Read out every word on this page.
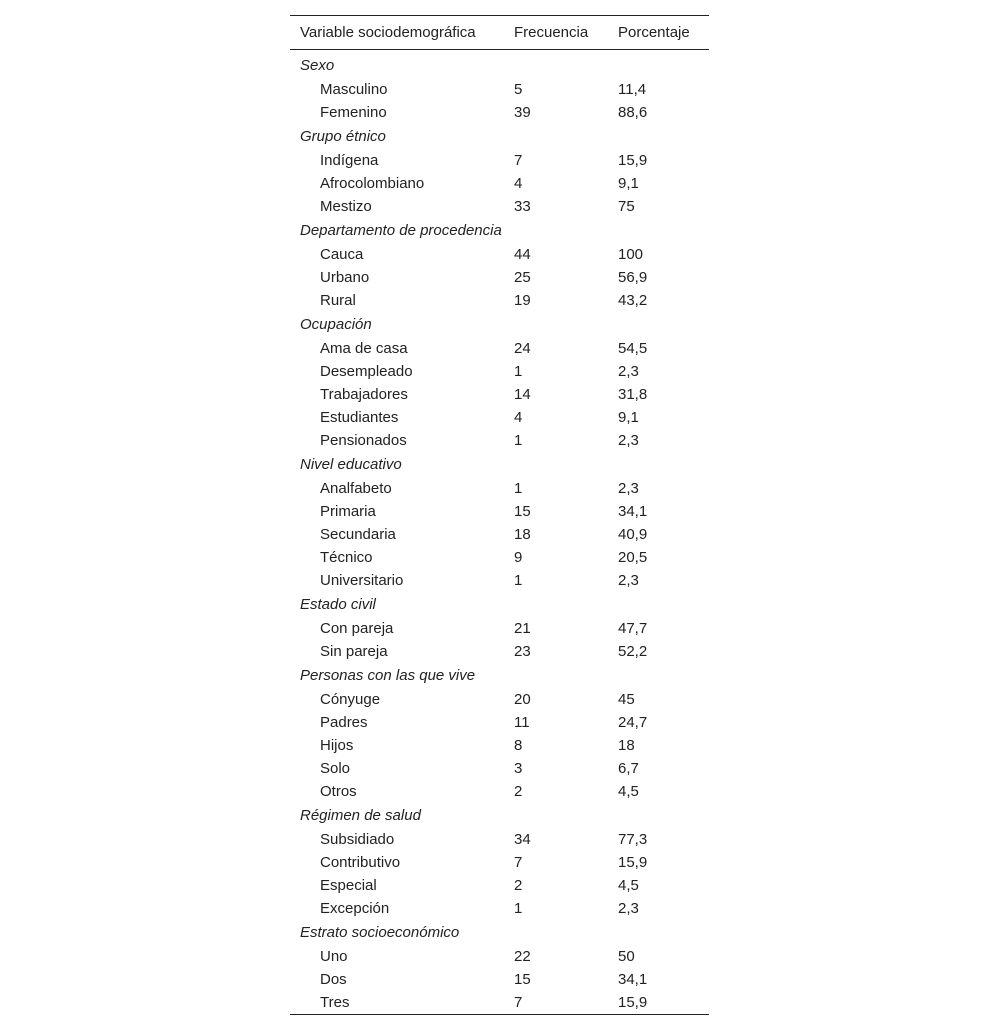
Variable sociodemográfica	Frecuencia	Porcentaje
Sexo		
Masculino	5	11,4
Femenino	39	88,6
Grupo étnico		
Indígena	7	15,9
Afrocolombiano	4	9,1
Mestizo	33	75
Departamento de procedencia		
Cauca	44	100
Urbano	25	56,9
Rural	19	43,2
Ocupación		
Ama de casa	24	54,5
Desempleado	1	2,3
Trabajadores	14	31,8
Estudiantes	4	9,1
Pensionados	1	2,3
Nivel educativo		
Analfabeto	1	2,3
Primaria	15	34,1
Secundaria	18	40,9
Técnico	9	20,5
Universitario	1	2,3
Estado civil		
Con pareja	21	47,7
Sin pareja	23	52,2
Personas con las que vive		
Cónyuge	20	45
Padres	11	24,7
Hijos	8	18
Solo	3	6,7
Otros	2	4,5
Régimen de salud		
Subsidiado	34	77,3
Contributivo	7	15,9
Especial	2	4,5
Excepción	1	2,3
Estrato socioeconómico		
Uno	22	50
Dos	15	34,1
Tres	7	15,9
